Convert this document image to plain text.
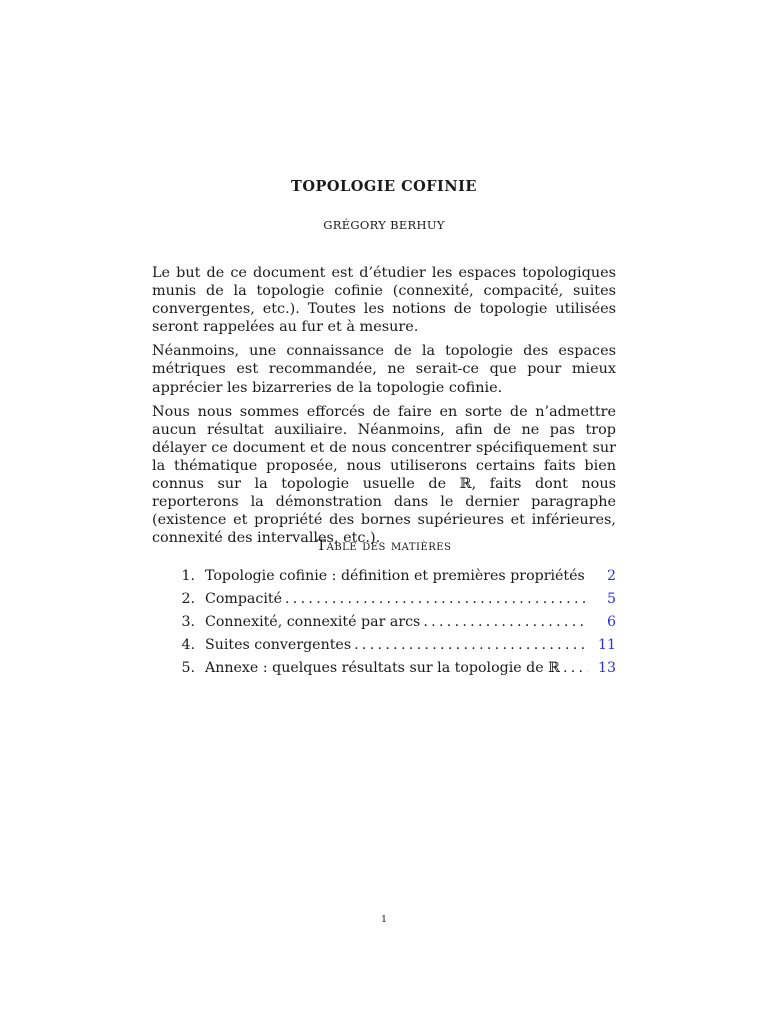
TOPOLOGIE COFINIE
GRÉGORY BERHUY

Le but de ce document est d’étudier les espaces topologiques munis de la topologie cofinie (connexité, compacité, suites convergentes, etc.). Toutes les notions de topologie utilisées seront rappelées au fur et à mesure.

Néanmoins, une connaissance de la topologie des espaces métriques est recommandée, ne serait-ce que pour mieux apprécier les bizarreries de la topologie cofinie.

Nous nous sommes efforcés de faire en sorte de n’admettre aucun résultat auxiliaire. Néanmoins, afin de ne pas trop délayer ce document et de nous concentrer spécifiquement sur la thématique proposée, nous utiliserons certains faits bien connus sur la topologie usuelle de ℝ, faits dont nous reporterons la démonstration dans le dernier paragraphe (existence et propriété des bornes supérieures et inférieures, connexité des intervalles, etc.).

Table des matières
1. Topologie cofinie : définition et premières propriétés .....	2
2. Compacité .....	5
3. Connexité, connexité par arcs .....	6
4. Suites convergentes .....	11
5. Annexe : quelques résultats sur la topologie de ℝ .....	13
1
